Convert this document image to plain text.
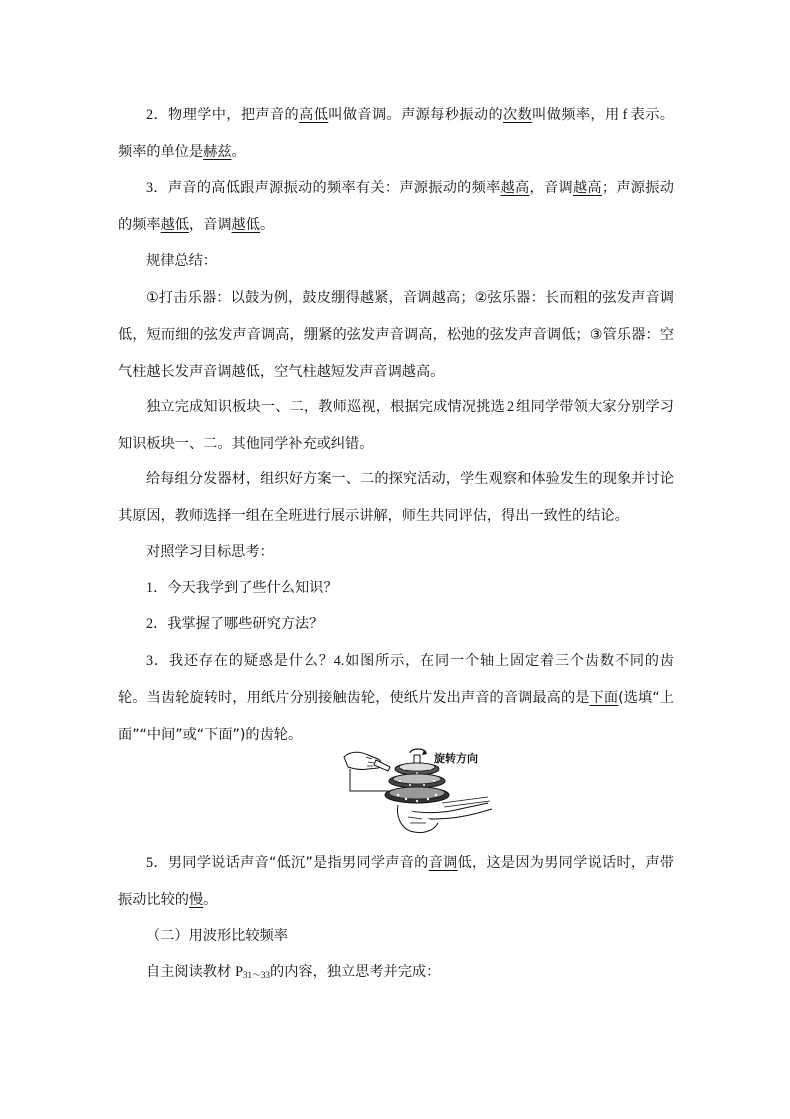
2．物理学中，把声音的高低叫做音调。声源每秒振动的次数叫做频率，用 f 表示。频率的单位是赫兹。

3．声音的高低跟声源振动的频率有关：声源振动的频率越高，音调越高；声源振动的频率越低，音调越低。

规律总结：

①打击乐器：以鼓为例，鼓皮绷得越紧，音调越高；②弦乐器：长而粗的弦发声音调低，短而细的弦发声音调高，绷紧的弦发声音调高，松弛的弦发声音调低；③管乐器：空气柱越长发声音调越低，空气柱越短发声音调越高。

独立完成知识板块一、二，教师巡视，根据完成情况挑选 2 组同学带领大家分别学习知识板块一、二。其他同学补充或纠错。

给每组分发器材，组织好方案一、二的探究活动，学生观察和体验发生的现象并讨论其原因，教师选择一组在全班进行展示讲解，师生共同评估，得出一致性的结论。

对照学习目标思考：

1．今天我学到了些什么知识？

2．我掌握了哪些研究方法？

3．我还存在的疑惑是什么？4.如图所示，在同一个轴上固定着三个齿数不同的齿轮。当齿轮旋转时，用纸片分别接触齿轮，使纸片发出声音的音调最高的是下面(选填“上面”“中间”或“下面”)的齿轮。

旋转方向

5．男同学说话声音“低沉”是指男同学声音的音调低，这是因为男同学说话时，声带振动比较的慢。

（二）用波形比较频率

自主阅读教材 $P_{31\sim 33}$的内容，独立思考并完成：
